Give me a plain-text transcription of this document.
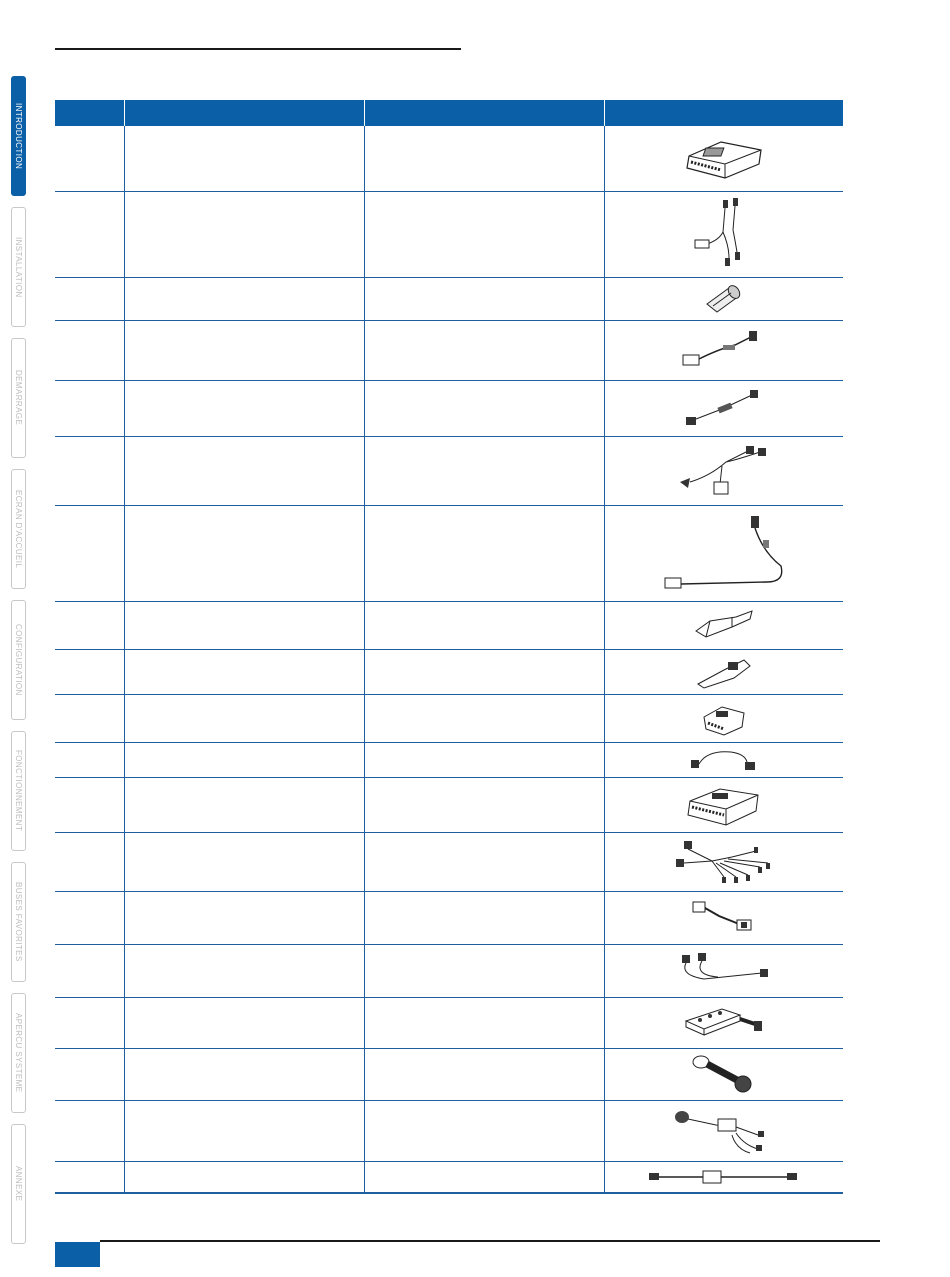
INTRODUCTION
INSTALLATION
DEMARRAGE
ECRAN D'ACCUEIL
CONFIGURATION
FONCTIONNEMENT
BUSES FAVORITES
APERCU SYSTEME
ANNEXE
